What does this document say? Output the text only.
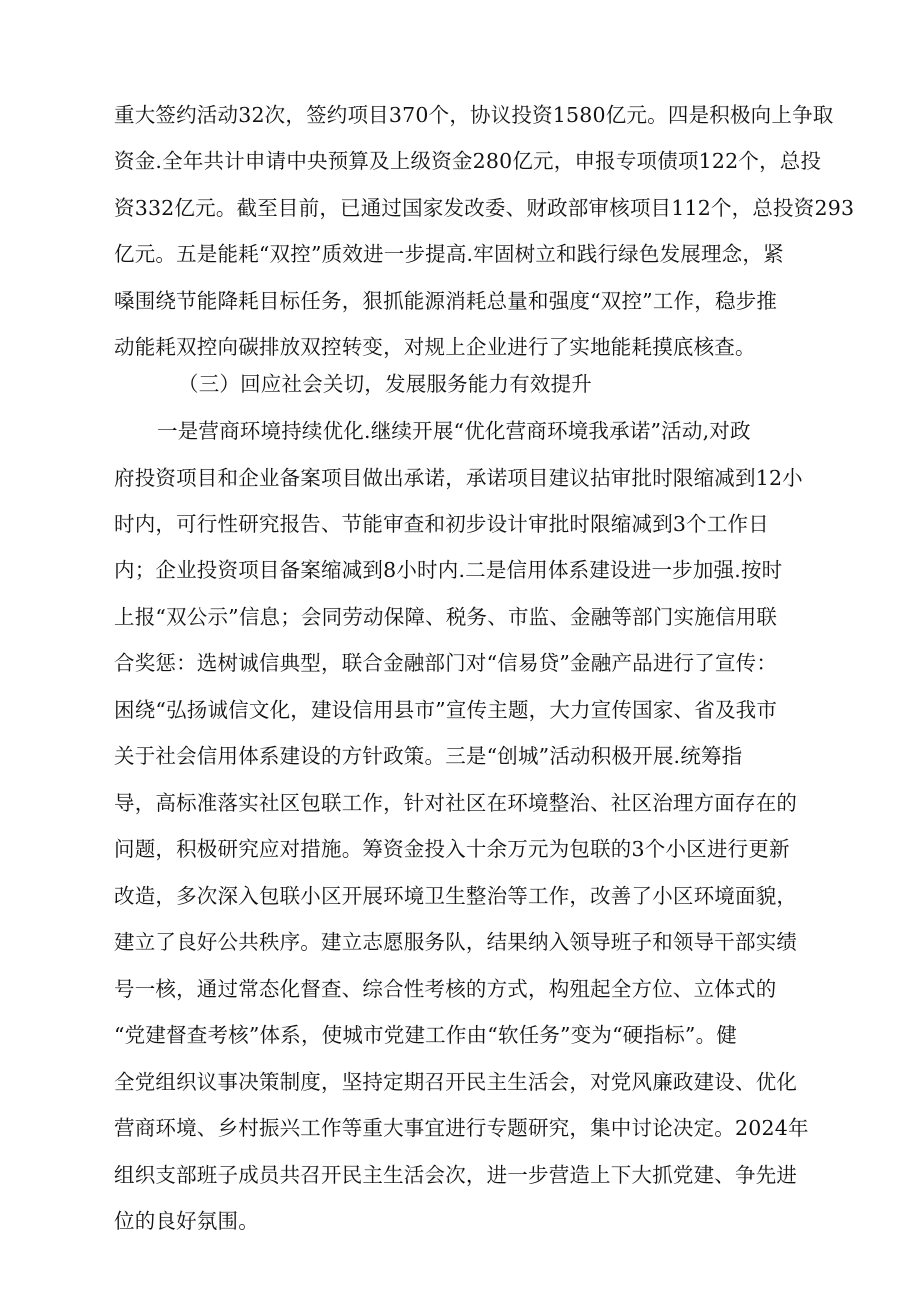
重大签约活动32次，签约项目370个，协议投资1580亿元。四是积极向上争取
资金.全年共计申请中央预算及上级资金280亿元，申报专项债项122个，总投
资332亿元。截至目前，已通过国家发改委、财政部审核项目112个，总投资293
亿元。五是能耗“双控”质效进一步提高.牢固树立和践行绿色发展理念，紧
嗓围绕节能降耗目标任务，狠抓能源消耗总量和强度“双控”工作，稳步推
动能耗双控向碳排放双控转变，对规上企业进行了实地能耗摸底核查。
（三）回应社会关切，发展服务能力有效提升
一是营商环境持续优化.继续开展“优化营商环境我承诺”活动,对政
府投资项目和企业备案项目做出承诺，承诺项目建议拈审批时限缩减到12小
时内，可行性研究报告、节能审查和初步设计审批时限缩减到3个工作日
内；企业投资项目备案缩减到8小时内.二是信用体系建设进一步加强.按时
上报“双公示”信息；会同劳动保障、税务、市监、金融等部门实施信用联
合奖惩：选树诚信典型，联合金融部门对“信易贷”金融产品进行了宣传：
困绕“弘扬诚信文化，建设信用县市”宣传主题，大力宣传国家、省及我市
关于社会信用体系建设的方针政策。三是“创城”活动积极开展.统筹指
导，高标准落实社区包联工作，针对社区在环境整治、社区治理方面存在的
问题，积极研究应对措施。筹资金投入十余万元为包联的3个小区进行更新
改造，多次深入包联小区开展环境卫生整治等工作，改善了小区环境面貌，
建立了良好公共秩序。建立志愿服务队，结果纳入领导班子和领导干部实绩
号一核，通过常态化督查、综合性考核的方式，构殂起全方位、立体式的
“党建督查考核”体系，使城市党建工作由“软任务”变为“硬指标”。健
全党组织议事决策制度，坚持定期召开民主生活会，对党风廉政建设、优化
营商环境、乡村振兴工作等重大事宜进行专题研究，集中讨论决定。2024年
组织支部班子成员共召开民主生活会次，进一步营造上下大抓党建、争先进
位的良好氛围。
